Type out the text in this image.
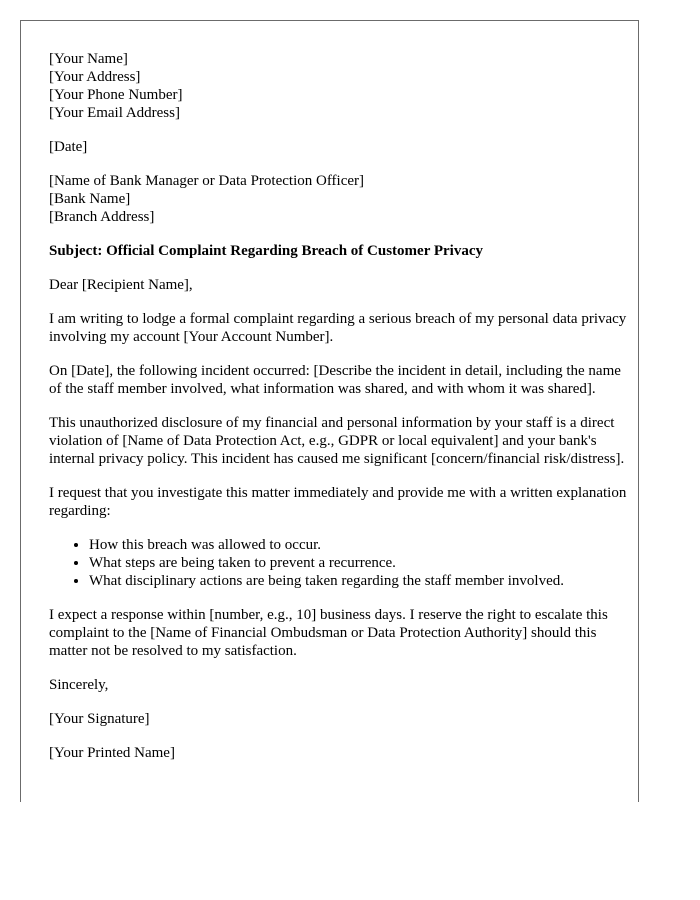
[Your Name]
[Your Address]
[Your Phone Number]
[Your Email Address]

[Date]

[Name of Bank Manager or Data Protection Officer]
[Bank Name]
[Branch Address]

Subject: Official Complaint Regarding Breach of Customer Privacy

Dear [Recipient Name],

I am writing to lodge a formal complaint regarding a serious breach of my personal data privacy involving my account [Your Account Number].

On [Date], the following incident occurred: [Describe the incident in detail, including the name of the staff member involved, what information was shared, and with whom it was shared].

This unauthorized disclosure of my financial and personal information by your staff is a direct violation of [Name of Data Protection Act, e.g., GDPR or local equivalent] and your bank's internal privacy policy. This incident has caused me significant [concern/financial risk/distress].

I request that you investigate this matter immediately and provide me with a written explanation regarding:

• How this breach was allowed to occur.
• What steps are being taken to prevent a recurrence.
• What disciplinary actions are being taken regarding the staff member involved.

I expect a response within [number, e.g., 10] business days. I reserve the right to escalate this complaint to the [Name of Financial Ombudsman or Data Protection Authority] should this matter not be resolved to my satisfaction.

Sincerely,

[Your Signature]

[Your Printed Name]
